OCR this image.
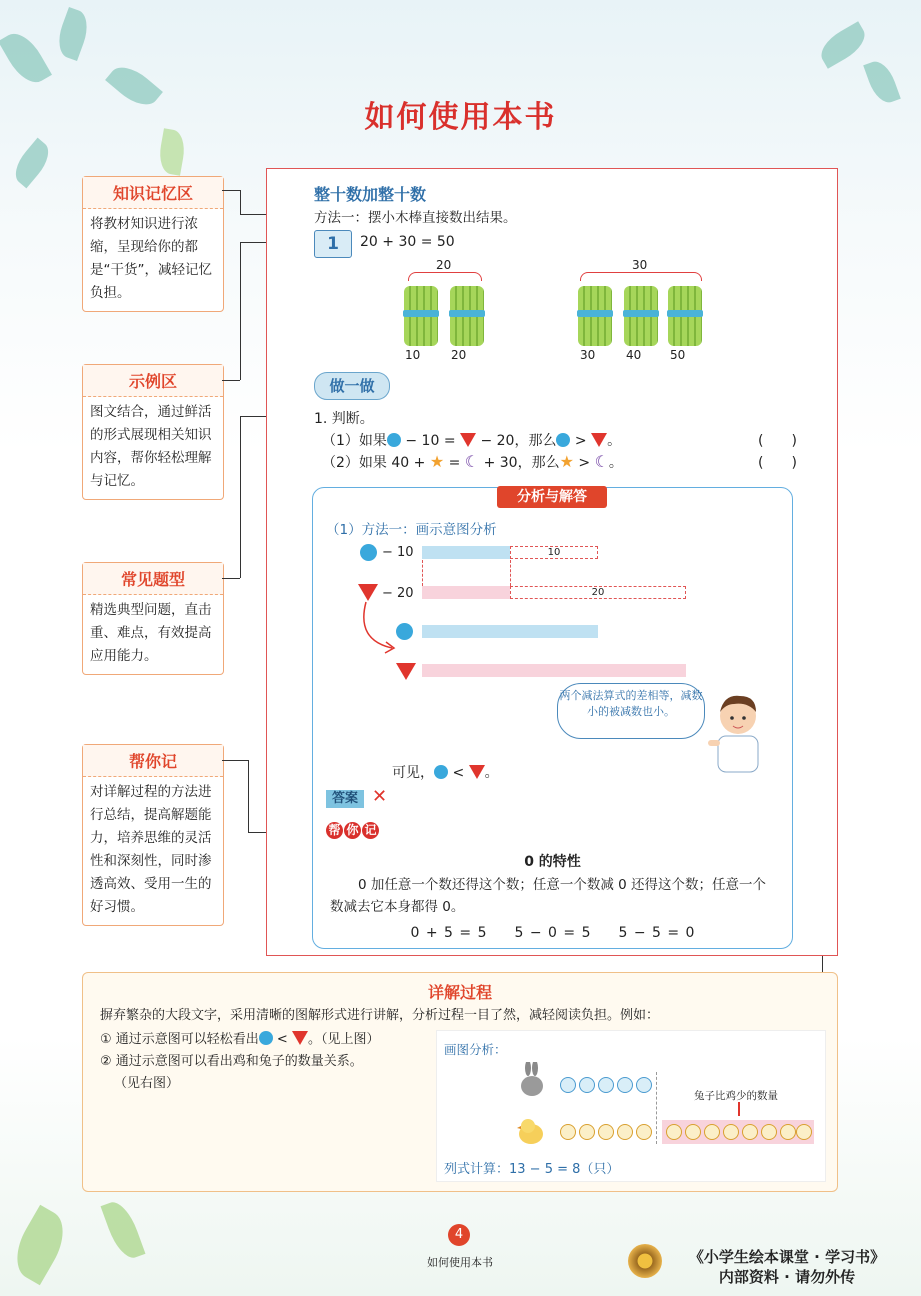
如何使用本书
知识记忆区
将教材知识进行浓缩，呈现给你的都是“干货”，减轻记忆负担。
示例区
图文结合，通过鲜活的形式展现相关知识内容，帮你轻松理解与记忆。
常见题型
精选典型问题，直击重、难点，有效提高应用能力。
帮你记
对详解过程的方法进行总结，提高解题能力，培养思维的灵活性和深刻性，同时渗透高效、受用一生的好习惯。
整十数加整十数
方法一：摆小木棒直接数出结果。
1	20 + 30 = 50
20
10	20
30
30	40 50
做一做
1. 判断。
（1）如果 − 10 =  − 20，那么 > 。	(　　)
（2）如果 40 + ★ = ☾ + 30，那么★ > ☾。	(　　)
分析与解答
（1）方法一：画示意图分析
− 10	10
− 20	20
两个减法算式的差相等，减数小的被减数也小。
可见， < 。
答案 ✕
帮 你 记
0 的特性
0 加任意一个数还得这个数；任意一个数减 0 还得这个数；任意一个数减去它本身都得 0。
0 + 5 = 5　　5 − 0 = 5　　5 − 5 = 0
详解过程
摒弃繁杂的大段文字，采用清晰的图解形式进行讲解，分析过程一目了然，减轻阅读负担。例如：
① 通过示意图可以轻松看出 < 。（见上图）
② 通过示意图可以看出鸡和兔子的数量关系。
（见右图）
画图分析：
兔子比鸡少的数量
列式计算：13 − 5 = 8（只）
4
如何使用本书	《小学生绘本课堂 · 学习书》
内部资料 · 请勿外传
